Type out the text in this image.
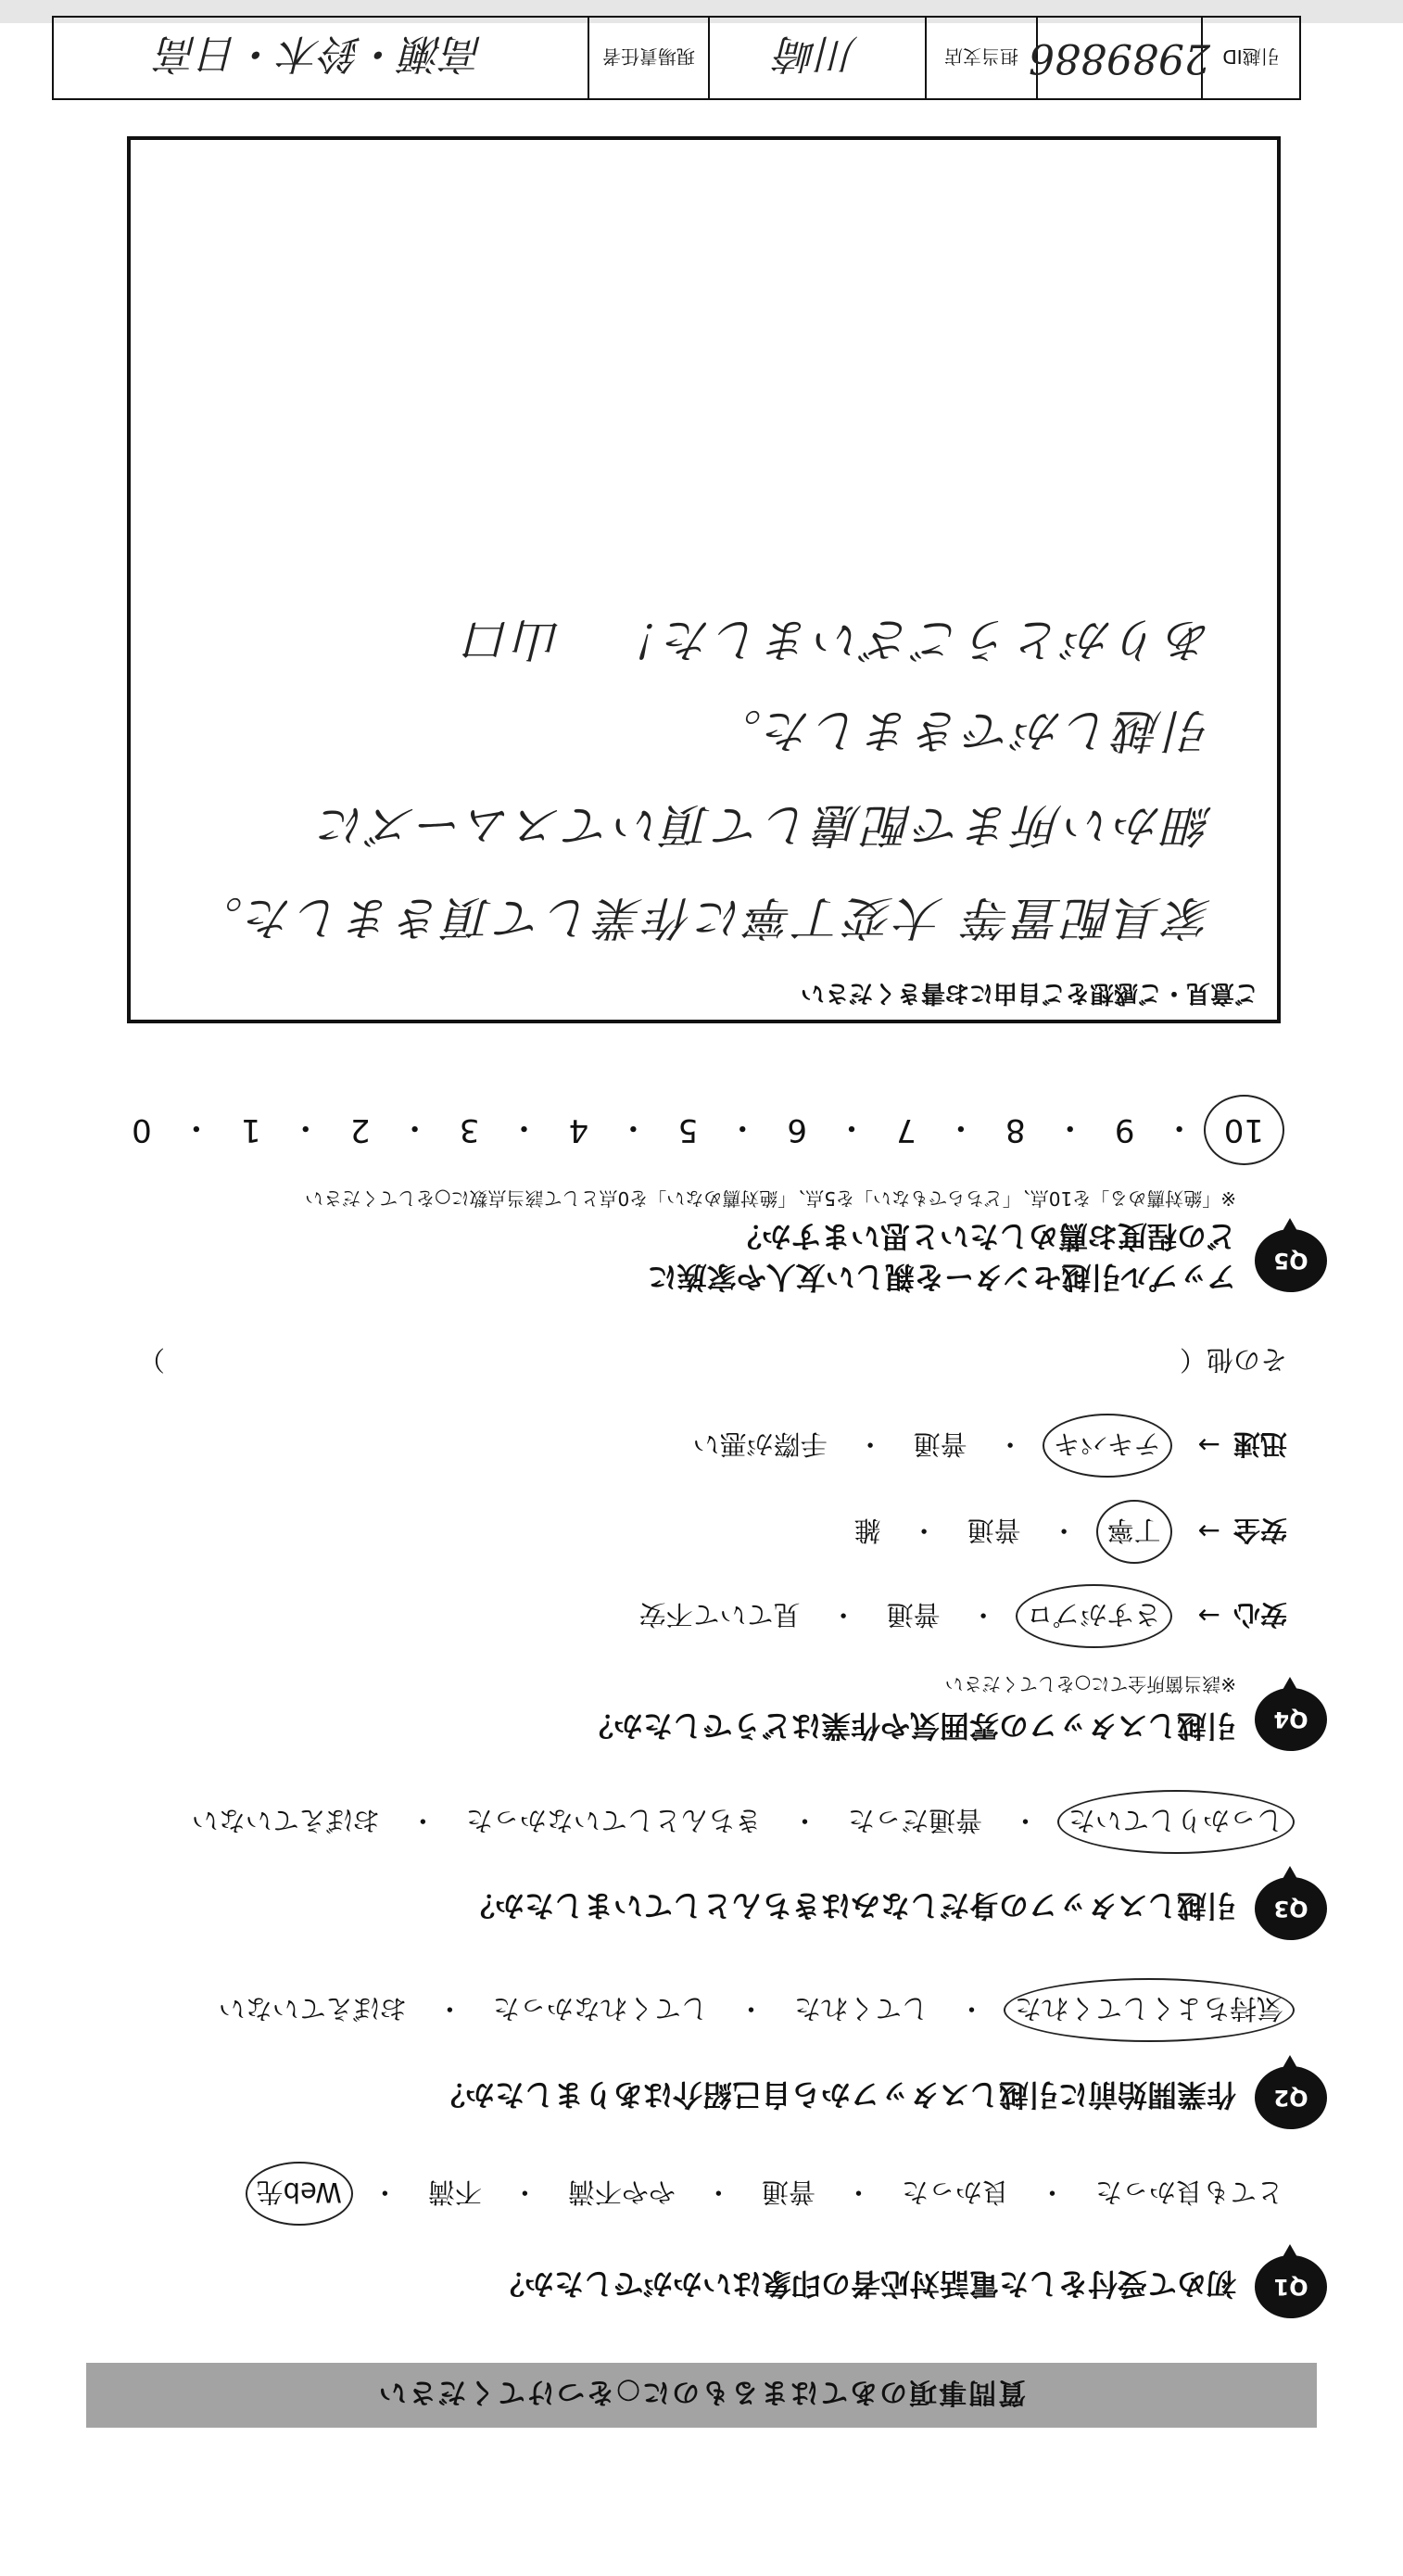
質問事項のあてはまるものに○をつけてください
Q1
初めて受付をした電話対応者の印象はいかがでしたか？
とても良かった
・
良かった
・
普通
・
やや不満
・
不満
・
Web先
Q2
作業開始前に引越しスタッフから自己紹介はありましたか？
気持ちよくしてくれた
・
してくれた
・
してくれなかった
・
おぼえていない
Q3
引越しスタッフの身だしなみはきちんとしていましたか？
しっかりしていた
・
普通だった
・
きちんとしていなかった
・
おぼえていない
Q4
引越しスタッフの雰囲気や作業はどうでしたか？
※該当箇所全てに○をしてください
安心
→
さすがプロ
・
普通
・
見ていて不安
安全
→
丁寧
・
普通
・
雑
迅速
→
テキパキ
・
普通
・
手際が悪い
その他（
）
Q5
アップル引越センターを親しい友人や家族に
どの程度お薦めしたいと思いますか？
※「絶対薦める」を10点、「どちらでもない」を5点、「絶対薦めない」を0点として該当点数に○をしてください
10
・
9
・
8
・
7
・
6
・
5
・
4
・
3
・
2
・
1
・
0
ご意見・ご感想をご自由にお書きください
家具配置等 大変丁寧に作業して頂きました。
細かい所まで配慮して頂いてスムーズに
引越しができました。
ありがとうございました！　山口
引越ID
2989886
担当支店
川崎
現場責任者
高瀬・鈴木・日高
